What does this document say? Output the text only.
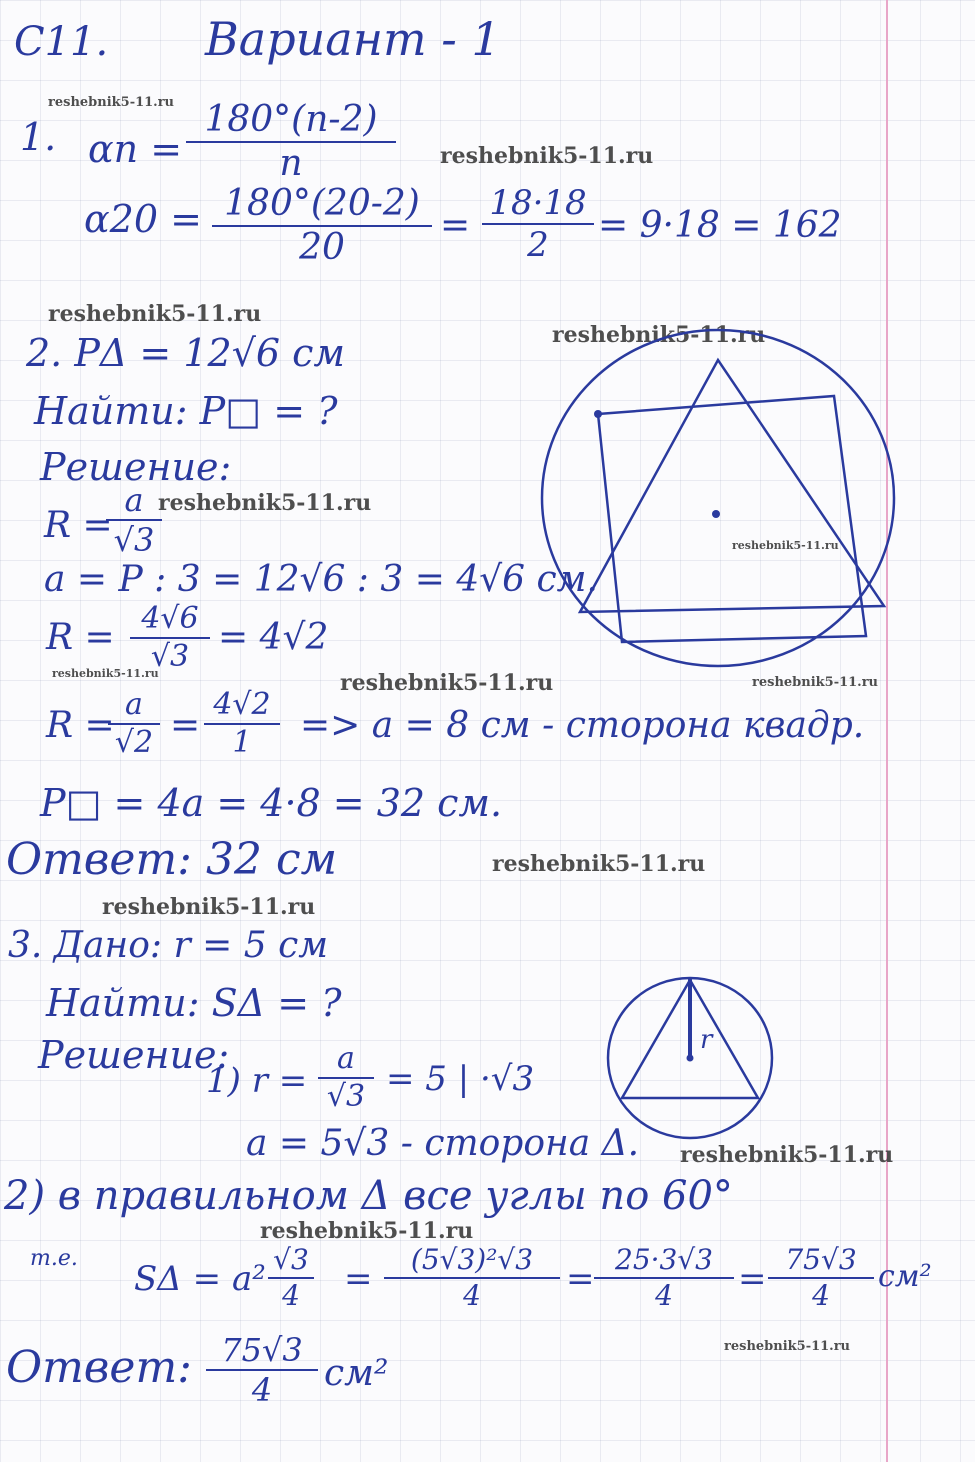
C11. Вариант - 1
reshebnik5-11.ru
reshebnik5-11.ru
reshebnik5-11.ru
reshebnik5-11.ru
reshebnik5-11.ru
reshebnik5-11.ru
reshebnik5-11.ru	reshebnik5-11.ru	reshebnik5-11.ru
reshebnik5-11.ru
reshebnik5-11.ru
reshebnik5-11.ru
reshebnik5-11.ru
reshebnik5-11.ru
1. $\alpha n = \frac{180^\circ(n-2)}{n}$
$\alpha 20 = \frac{180^\circ(20-2)}{20} = \frac{18\cdot 18}{2} = 9\cdot 18 = 162$
2. PΔ = 12√6 см
Найти: P□ = ?
Решение:
R =
$\frac{a}{√3}$
a = P : 3 = 12√6 : 3 = 4√6 см.
$R = \frac{4√6}{√3} = 4√2$
R =
$\frac{a}{√2} = \frac{4√2}{1} => a = 8$ см - сторона квадр.
P□ = 4a = 4·8 = 32 см.
Ответ: 32 см
3. Дано: r = 5 см
Найти: SΔ = ?
Решение:
1) $r = \frac{a}{√3} = 5$ | ·√3
a = 5√3 - сторона Δ.
2) в правильном Δ все углы по 60°
т.е.
$S\Delta = a^2 \frac{√3}{4} = \frac{\text{(5√3)²√3}}{4} = \frac{25\cdot 3√3}{4} = \frac{75√3}{4} см^2$
Ответ: $\frac{75√3}{4} см^2$
r
